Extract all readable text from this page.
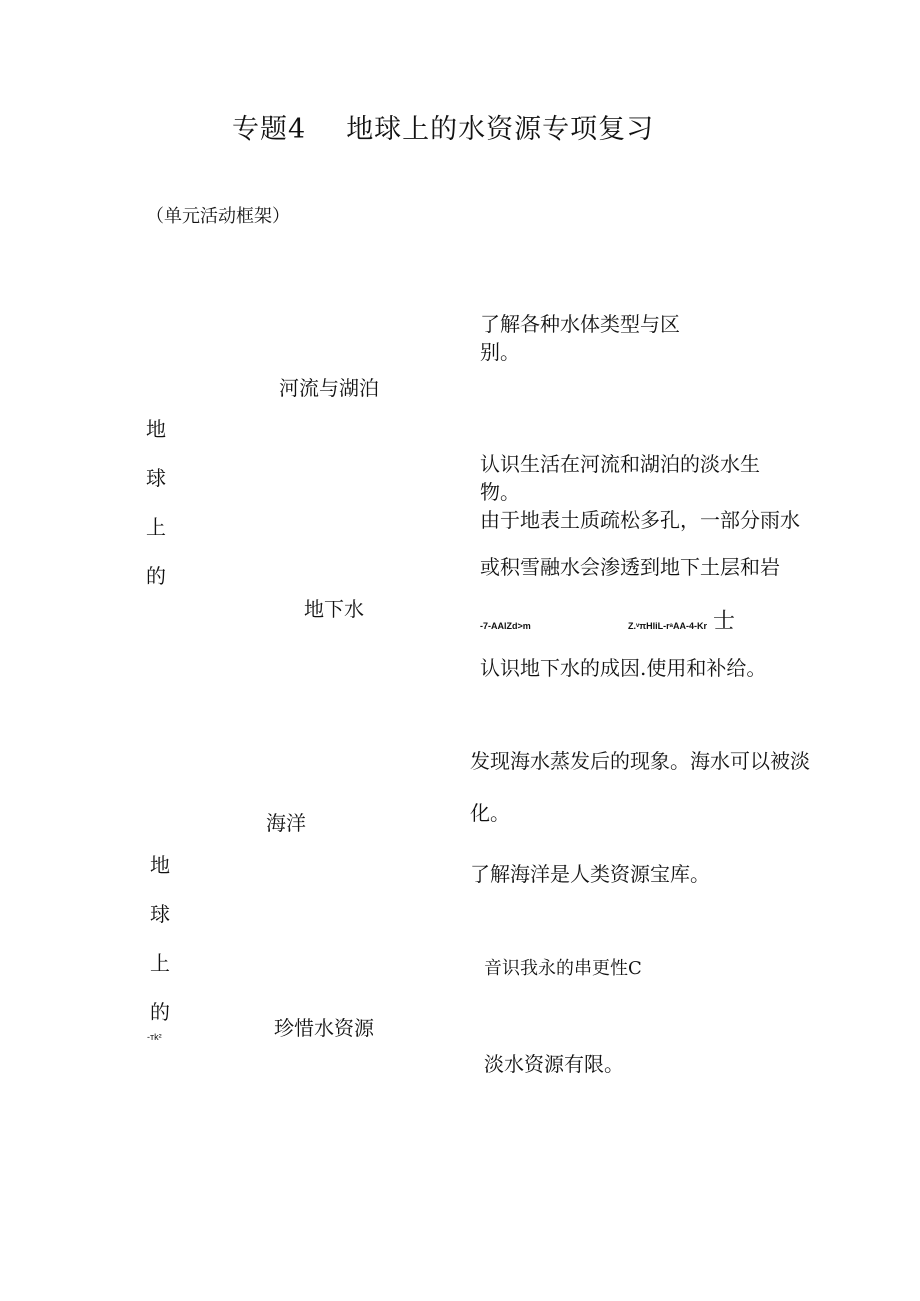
专题4 地球上的水资源专项复习
（单元活动框架）
地
球
上
的
河流与湖泊
地下水
了解各种水体类型与区
别。
认识生活在河流和湖泊的淡水生
物。
由于地表土质疏松多孔，一部分雨水
或积雪融水会渗透到地下土层和岩
-7-AAlZd>m	Z.ᵛπHliL-rᵃAA-4-Kr 士
认识地下水的成因.使用和补给。
地
球
上
的
-тk²
海洋
珍惜水资源
发现海水蒸发后的现象。海水可以被淡
化。
了解海洋是人类资源宝库。
音识我永的串更性C
淡水资源有限。
